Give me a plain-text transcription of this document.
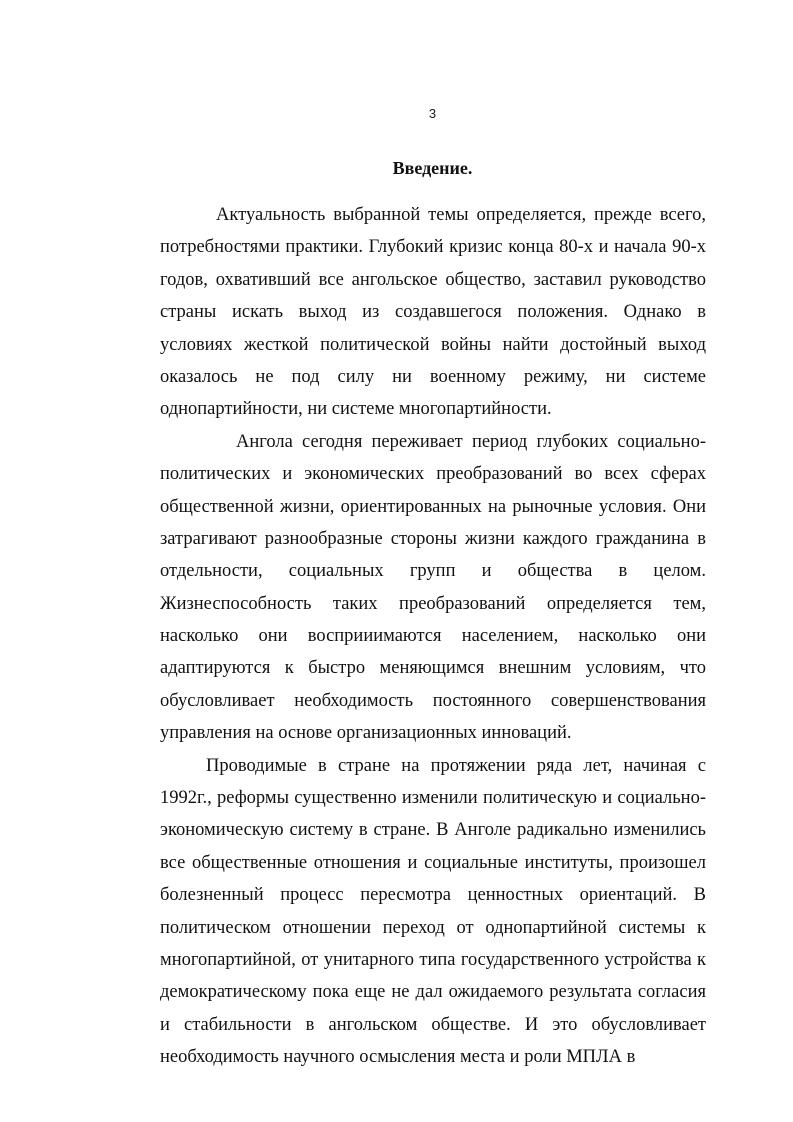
3
Введение.
Актуальность выбранной темы определяется, прежде всего,
потребностями практики. Глубокий кризис конца 80-х и начала 90-х
годов, охвативший все ангольское общество, заставил руководство
страны искать выход из создавшегося положения. Однако в
условиях жесткой политической войны найти достойный выход
оказалось не под силу ни военному режиму, ни системе
однопартийности, ни системе многопартийности.
Ангола сегодня переживает период глубоких социально-
политических и экономических преобразований во всех сферах
общественной жизни, ориентированных на рыночные условия. Они
затрагивают разнообразные стороны жизни каждого гражданина в
отдельности, социальных групп и общества в целом.
Жизнеспособность таких преобразований определяется тем,
насколько они восприиимаются населением, насколько они
адаптируются к быстро меняющимся внешним условиям, что
обусловливает необходимость постоянного совершенствования
управления на основе организационных инноваций.
Проводимые в стране на протяжении ряда лет, начиная с
1992г., реформы существенно изменили политическую и социально-
экономическую систему в стране. В Анголе радикально изменились
все общественные отношения и социальные институты, произошел
болезненный процесс пересмотра ценностных ориентаций. В
политическом отношении переход от однопартийной системы к
многопартийной, от унитарного типа государственного устройства к
демократическому пока еще не дал ожидаемого результата согласия
и стабильности в ангольском обществе. И это обусловливает
необходимость научного осмысления места и роли МПЛА в
